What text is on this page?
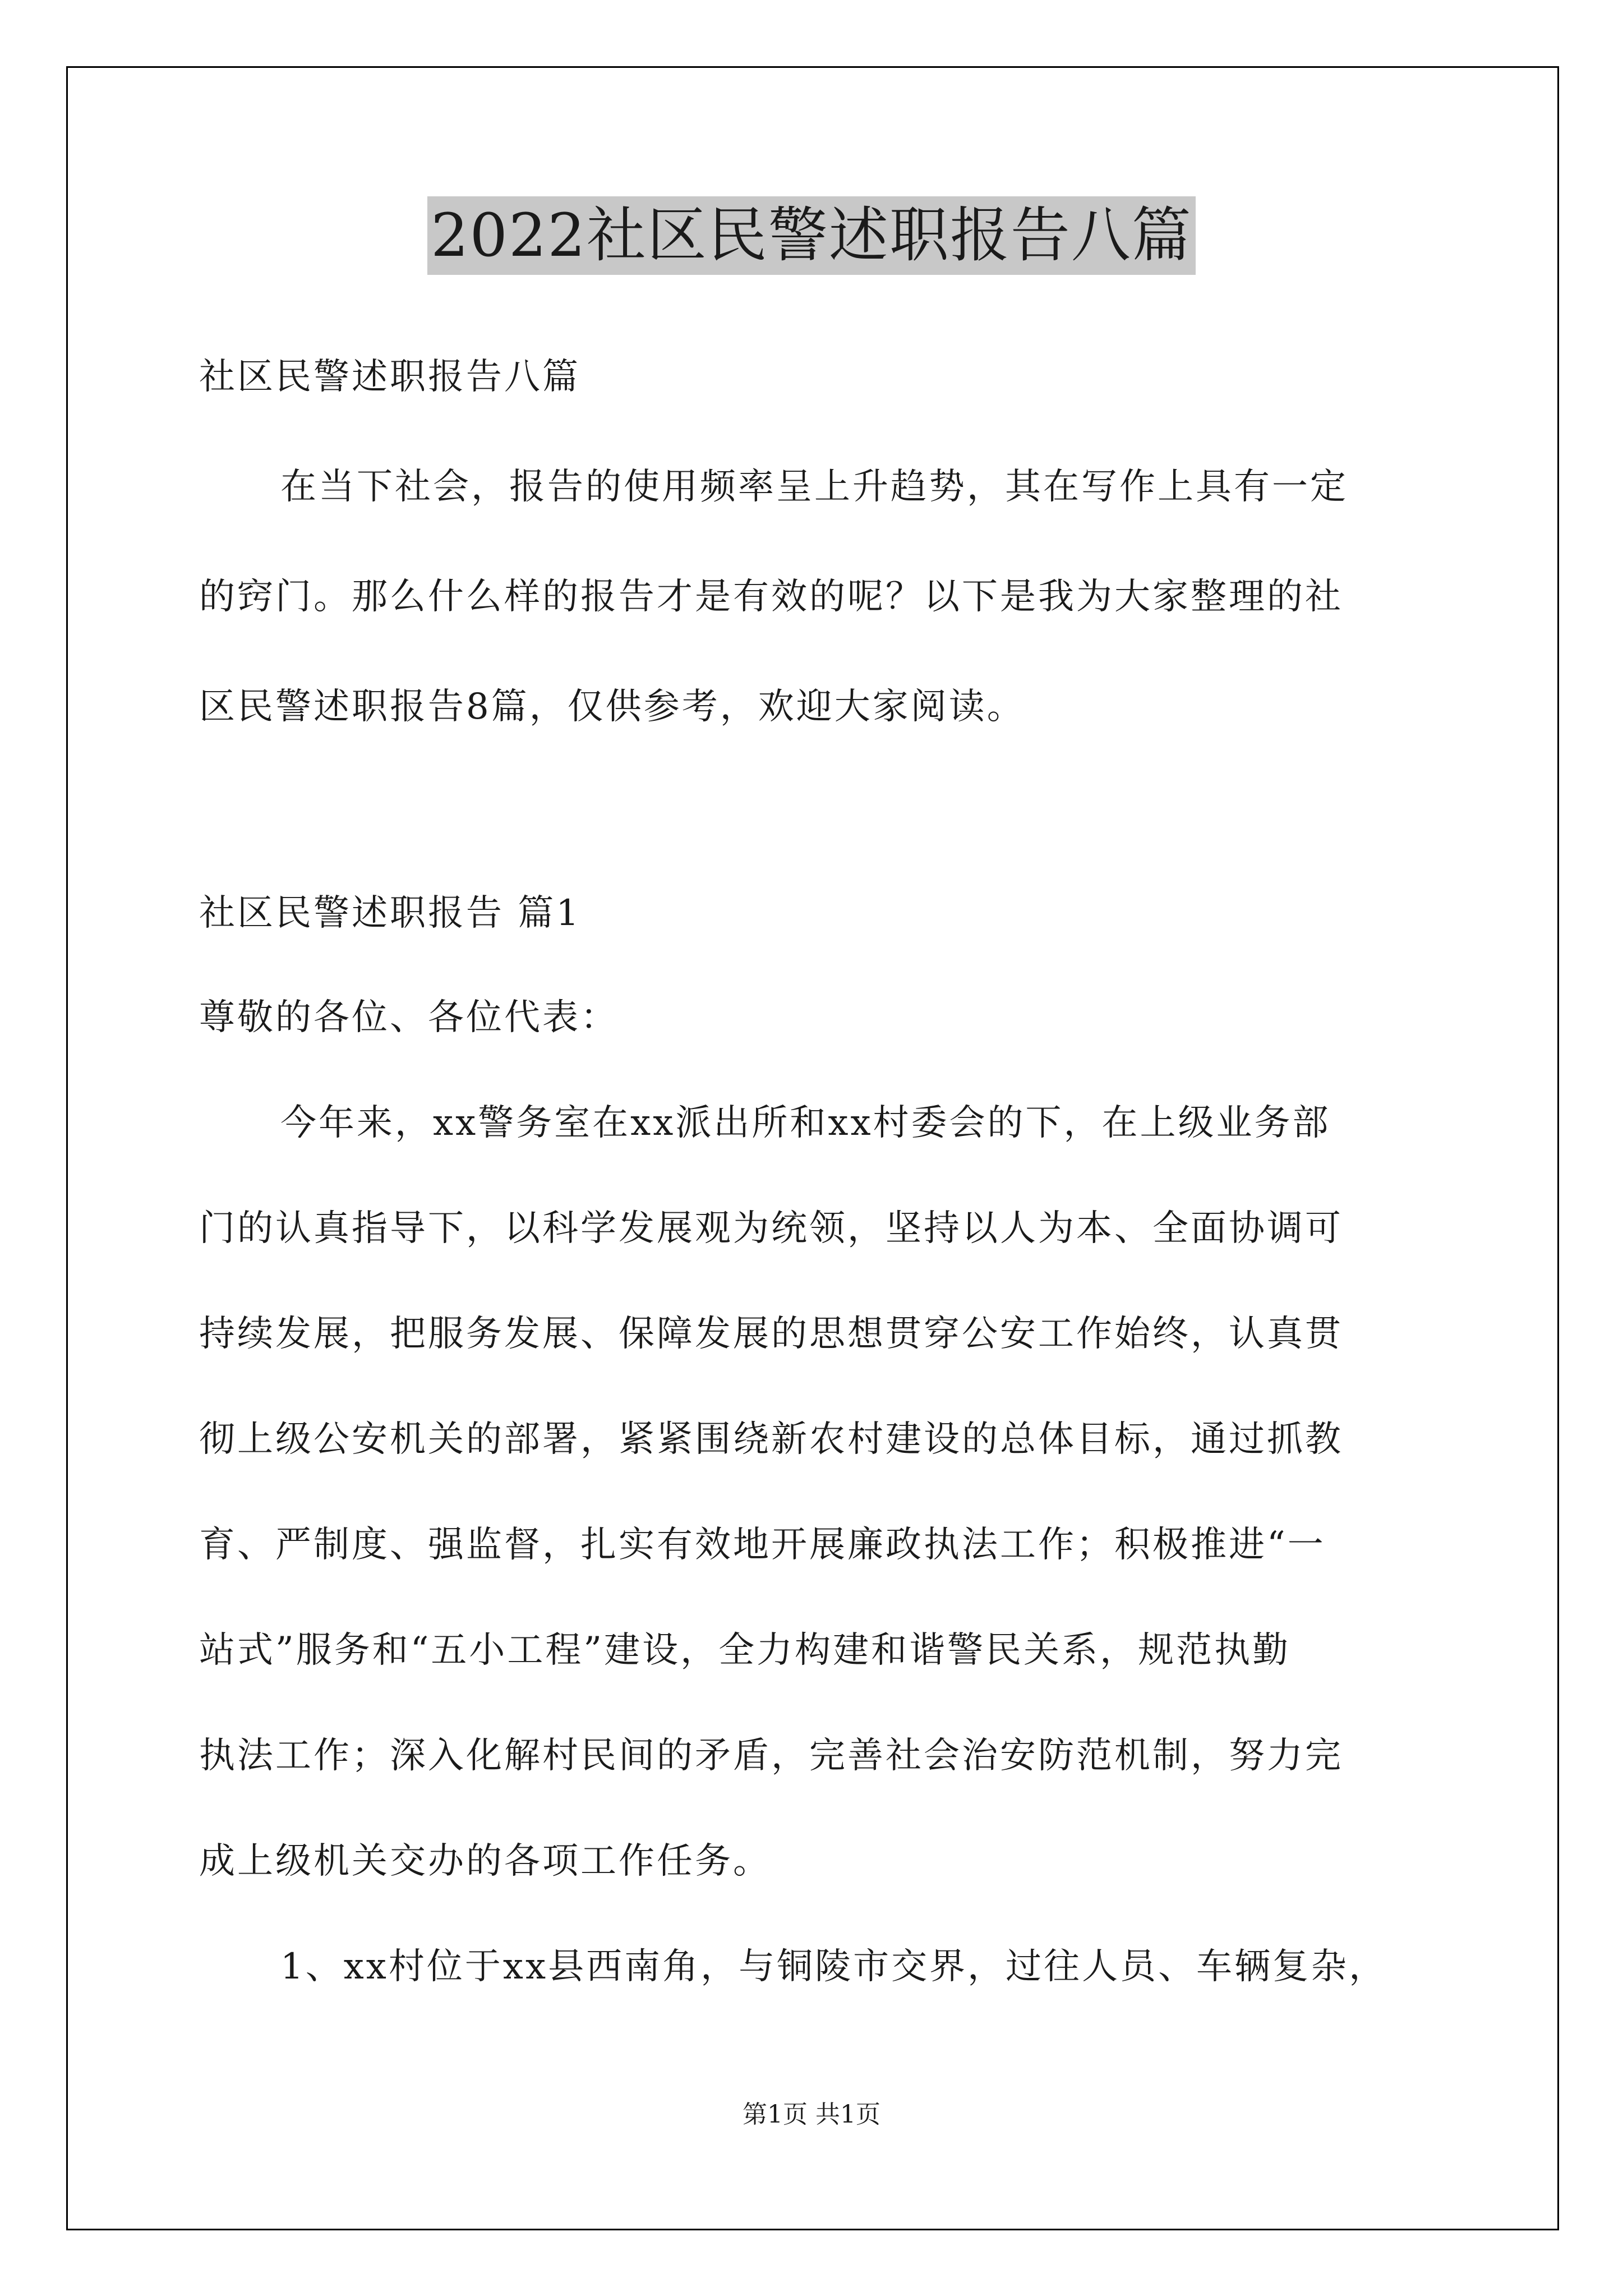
2022社区民警述职报告八篇
社区民警述职报告八篇
在当下社会，报告的使用频率呈上升趋势，其在写作上具有一定
的窍门。那么什么样的报告才是有效的呢？以下是我为大家整理的社
区民警述职报告8篇，仅供参考，欢迎大家阅读。
社区民警述职报告 篇1
尊敬的各位、各位代表：
今年来，xx警务室在xx派出所和xx村委会的下，在上级业务部
门的认真指导下，以科学发展观为统领，坚持以人为本、全面协调可
持续发展，把服务发展、保障发展的思想贯穿公安工作始终，认真贯
彻上级公安机关的部署，紧紧围绕新农村建设的总体目标，通过抓教
育、严制度、强监督，扎实有效地开展廉政执法工作；积极推进“一
站式”服务和“五小工程”建设，全力构建和谐警民关系，规范执勤
执法工作；深入化解村民间的矛盾，完善社会治安防范机制，努力完
成上级机关交办的各项工作任务。
1、xx村位于xx县西南角，与铜陵市交界，过往人员、车辆复杂，
第1页 共1页
